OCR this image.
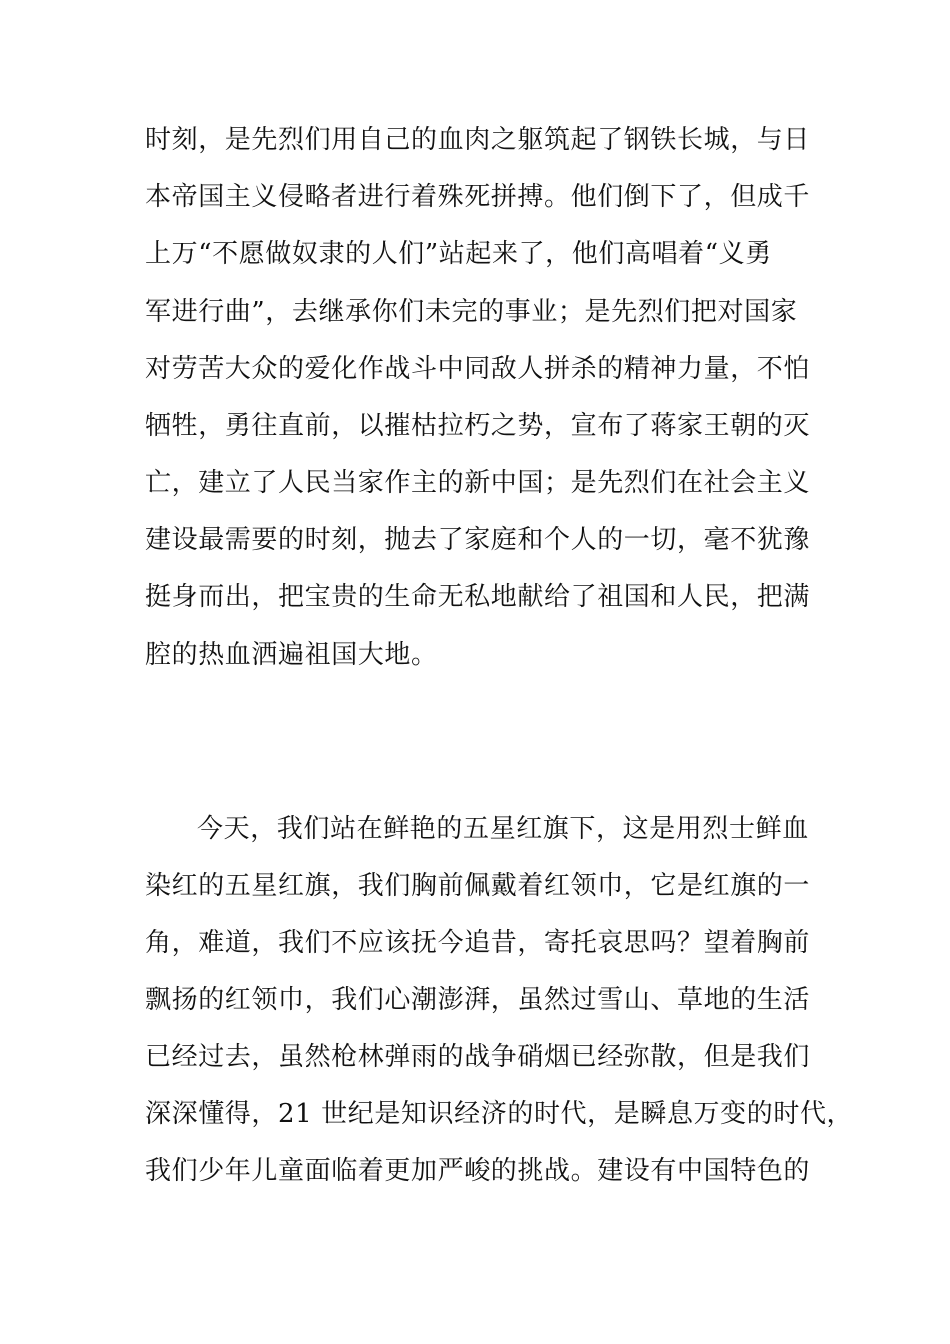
时刻，是先烈们用自己的血肉之躯筑起了钢铁长城，与日
本帝国主义侵略者进行着殊死拼搏。他们倒下了，但成千
上万“不愿做奴隶的人们”站起来了，他们高唱着“义勇
军进行曲”，去继承你们未完的事业；是先烈们把对国家
对劳苦大众的爱化作战斗中同敌人拼杀的精神力量，不怕
牺牲，勇往直前，以摧枯拉朽之势，宣布了蒋家王朝的灭
亡，建立了人民当家作主的新中国；是先烈们在社会主义
建设最需要的时刻，抛去了家庭和个人的一切，毫不犹豫
挺身而出，把宝贵的生命无私地献给了祖国和人民，把满
腔的热血洒遍祖国大地。
今天，我们站在鲜艳的五星红旗下，这是用烈士鲜血
染红的五星红旗，我们胸前佩戴着红领巾，它是红旗的一
角，难道，我们不应该抚今追昔，寄托哀思吗？望着胸前
飘扬的红领巾，我们心潮澎湃，虽然过雪山、草地的生活
已经过去，虽然枪林弹雨的战争硝烟已经弥散，但是我们
深深懂得，21 世纪是知识经济的时代，是瞬息万变的时代，
我们少年儿童面临着更加严峻的挑战。建设有中国特色的
